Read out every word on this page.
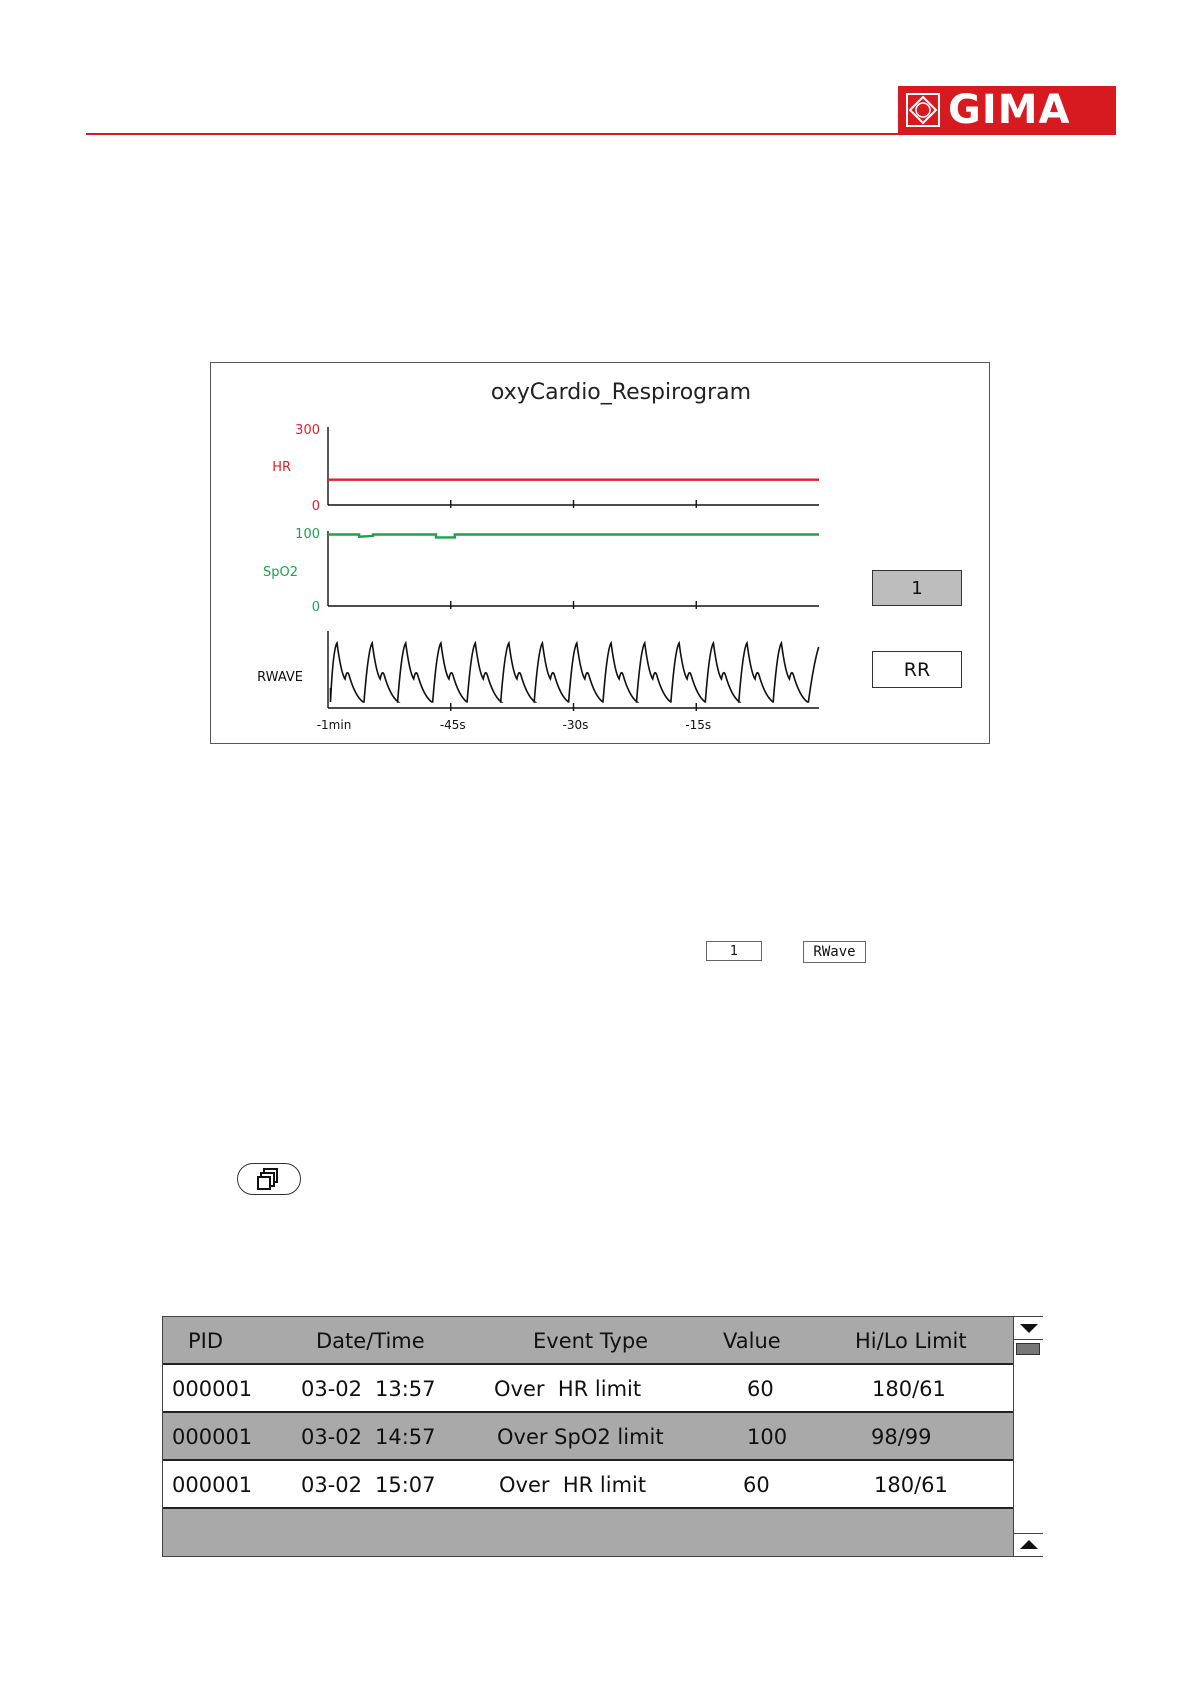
GIMA
oxyCardio_Respirogram
300
0
HR
100
0
SpO2
RWAVE
-1min	-45s	-30s	-15s
1
RR
1	RWave
PID	Date/Time	Event Type	Value	Hi/Lo Limit
000001 03-02 13:57	Over  HR limit	60	180/61
000001 03-02 14:57	Over SpO2 limit	100	98/99
000001 03-02 15:07	Over  HR limit	60	180/61
